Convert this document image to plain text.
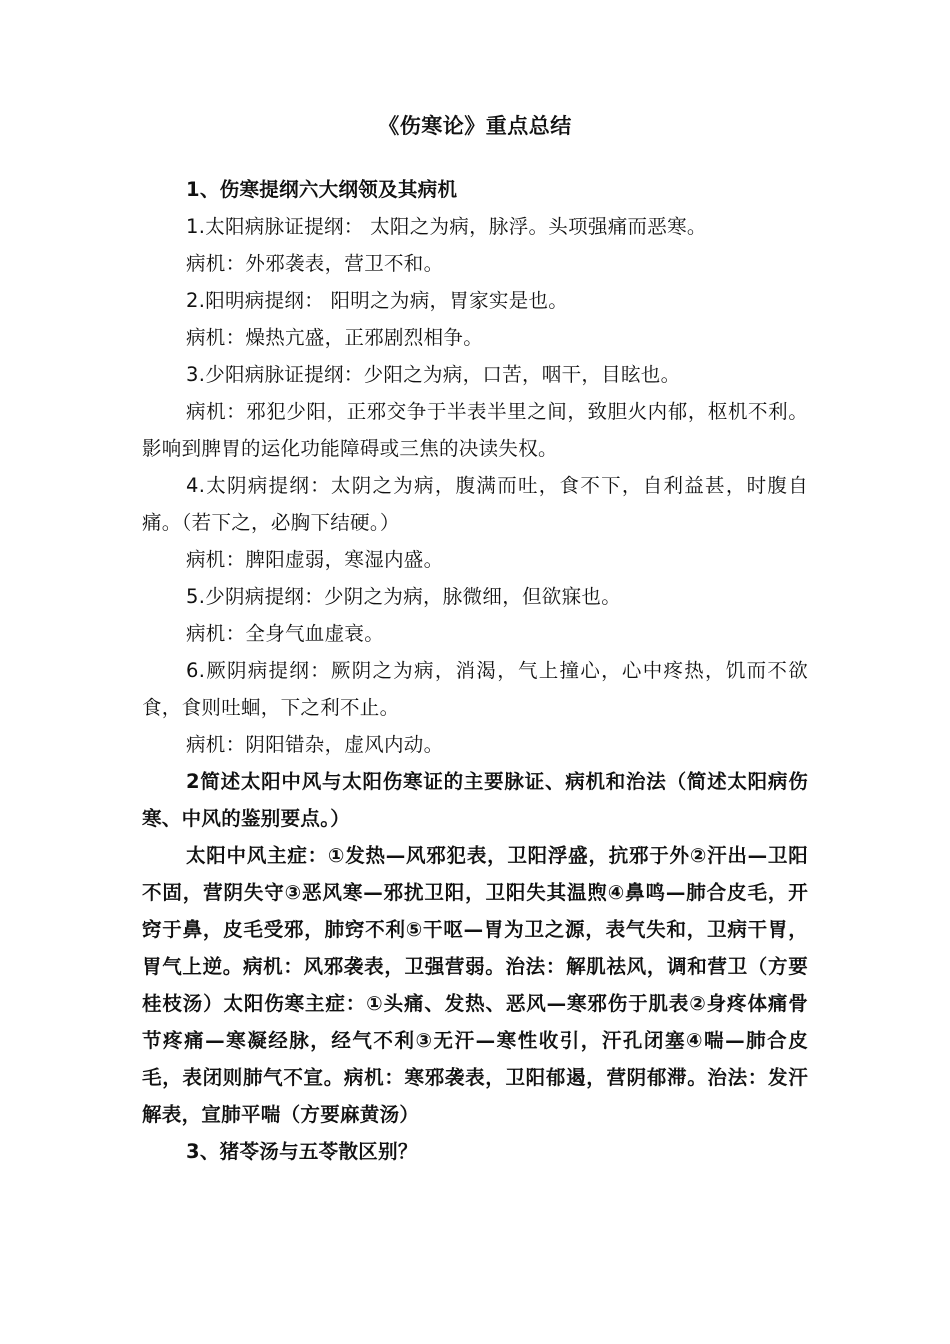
《伤寒论》重点总结

1、伤寒提纲六大纲领及其病机

1.太阳病脉证提纲： 太阳之为病，脉浮。头项强痛而恶寒。

病机：外邪袭表，营卫不和。

2.阳明病提纲： 阳明之为病，胃家实是也。

病机：燥热亢盛，正邪剧烈相争。

3.少阳病脉证提纲：少阳之为病，口苦，咽干，目眩也。

病机：邪犯少阳，正邪交争于半表半里之间，致胆火内郁，枢机不利。影响到脾胃的运化功能障碍或三焦的决读失权。

4.太阴病提纲：太阴之为病，腹满而吐，食不下，自利益甚，时腹自痛。（若下之，必胸下结硬。）

病机：脾阳虚弱，寒湿内盛。

5.少阴病提纲：少阴之为病，脉微细，但欲寐也。

病机：全身气血虚衰。

6.厥阴病提纲：厥阴之为病，消渴，气上撞心，心中疼热，饥而不欲食，食则吐蛔，下之利不止。

病机：阴阳错杂，虚风内动。

2简述太阳中风与太阳伤寒证的主要脉证、病机和治法（简述太阳病伤寒、中风的鉴别要点。）

太阳中风主症：①发热—风邪犯表，卫阳浮盛，抗邪于外②汗出—卫阳不固，营阴失守③恶风寒—邪扰卫阳，卫阳失其温煦④鼻鸣—肺合皮毛，开窍于鼻，皮毛受邪，肺窍不利⑤干呕—胃为卫之源，表气失和，卫病干胃，胃气上逆。病机：风邪袭表，卫强营弱。治法：解肌祛风，调和营卫（方要 桂枝汤）太阳伤寒主症：①头痛、发热、恶风—寒邪伤于肌表②身疼体痛骨节疼痛—寒凝经脉，经气不利③无汗—寒性收引，汗孔闭塞④喘—肺合皮毛，表闭则肺气不宣。病机：寒邪袭表，卫阳郁遏，营阴郁滞。治法：发汗解表，宣肺平喘（方要麻黄汤）

3、猪苓汤与五苓散区别？
